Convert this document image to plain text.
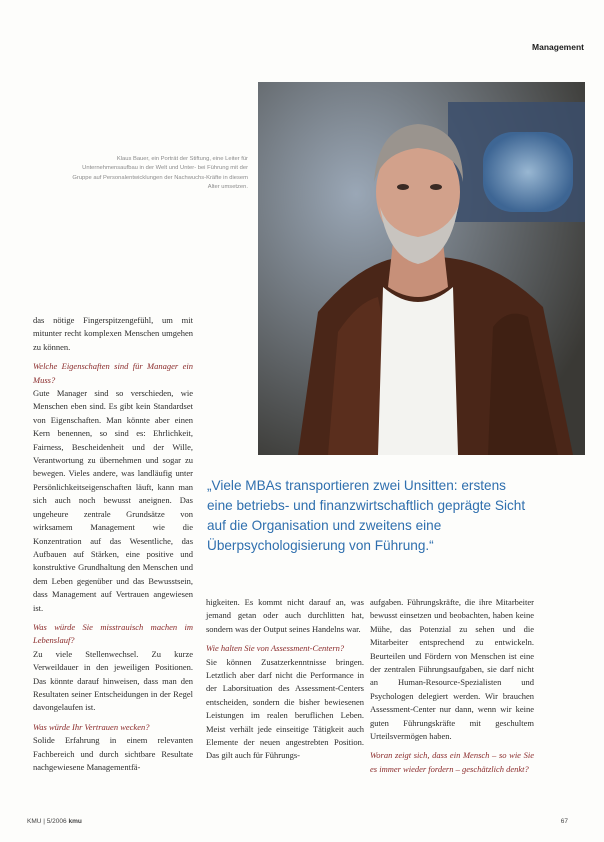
Management
Klaus Bauer, ein Porträt der Stiftung, eine Leiter für Unternehmensaufbau in der Welt und Unter- bei Führung mit der Gruppe auf Personalentwicklungen der Nachwuchs-Kräfte in diesem Alter umsetzen.
„Viele MBAs transportieren zwei Unsitten: erstens eine betriebs- und finanzwirtschaftlich geprägte Sicht auf die Organisation und zweitens eine Überpsychologisierung von Führung.“

das nötige Fingerspitzengefühl, um mit mitunter recht komplexen Menschen umgehen zu können.

Welche Eigenschaften sind für Manager ein Muss?

Gute Manager sind so verschieden, wie Menschen eben sind. Es gibt kein Standardset von Eigenschaften. Man könnte aber einen Kern benennen, so sind es: Ehrlichkeit, Fairness, Bescheidenheit und der Wille, Verantwortung zu übernehmen und sogar zu bewegen. Vieles andere, was landläufig unter Persönlichkeitseigenschaften läuft, kann man sich auch noch bewusst aneignen. Das ungeheure zentrale Grundsätze von wirksamem Management wie die Konzentration auf das Wesentliche, das Aufbauen auf Stärken, eine positive und konstruktive Grundhaltung den Menschen und dem Leben gegenüber und das Bewusstsein, dass Management auf Vertrauen angewiesen ist.

Was würde Sie misstrauisch machen im Lebenslauf?

Zu viele Stellenwechsel. Zu kurze Verweildauer in den jeweiligen Positionen. Das könnte darauf hinweisen, dass man den Resultaten seiner Entscheidungen in der Regel davongelaufen ist.

Was würde Ihr Vertrauen wecken?

Solide Erfahrung in einem relevanten Fachbereich und durch sichtbare Resultate nachgewiesene Managementfä-

higkeiten. Es kommt nicht darauf an, was jemand getan oder auch durchlitten hat, sondern was der Output seines Handelns war.

Wie halten Sie von Assessment-Centern?

Sie können Zusatzerkenntnisse bringen. Letztlich aber darf nicht die Performance in der Laborsituation des Assessment-Centers entscheiden, sondern die bisher bewiesenen Leistungen im realen beruflichen Leben. Meist verhält jede einseitige Tätigkeit auch Elemente der neuen angestrebten Position. Das gilt auch für Führungs-

aufgaben. Führungskräfte, die ihre Mitarbeiter bewusst einsetzen und beobachten, haben keine Mühe, das Potenzial zu sehen und die Mitarbeiter entsprechend zu entwickeln. Beurteilen und Fördern von Menschen ist eine der zentralen Führungsaufgaben, sie darf nicht an Human-Resource-Spezialisten und Psychologen delegiert werden. Wir brauchen Assessment-Center nur dann, wenn wir keine guten Führungskräfte mit geschultem Urteilsvermögen haben.

Woran zeigt sich, dass ein Mensch – so wie Sie es immer wieder fordern – geschätzlich denkt?

KMU | 5/2006 kmu	67
